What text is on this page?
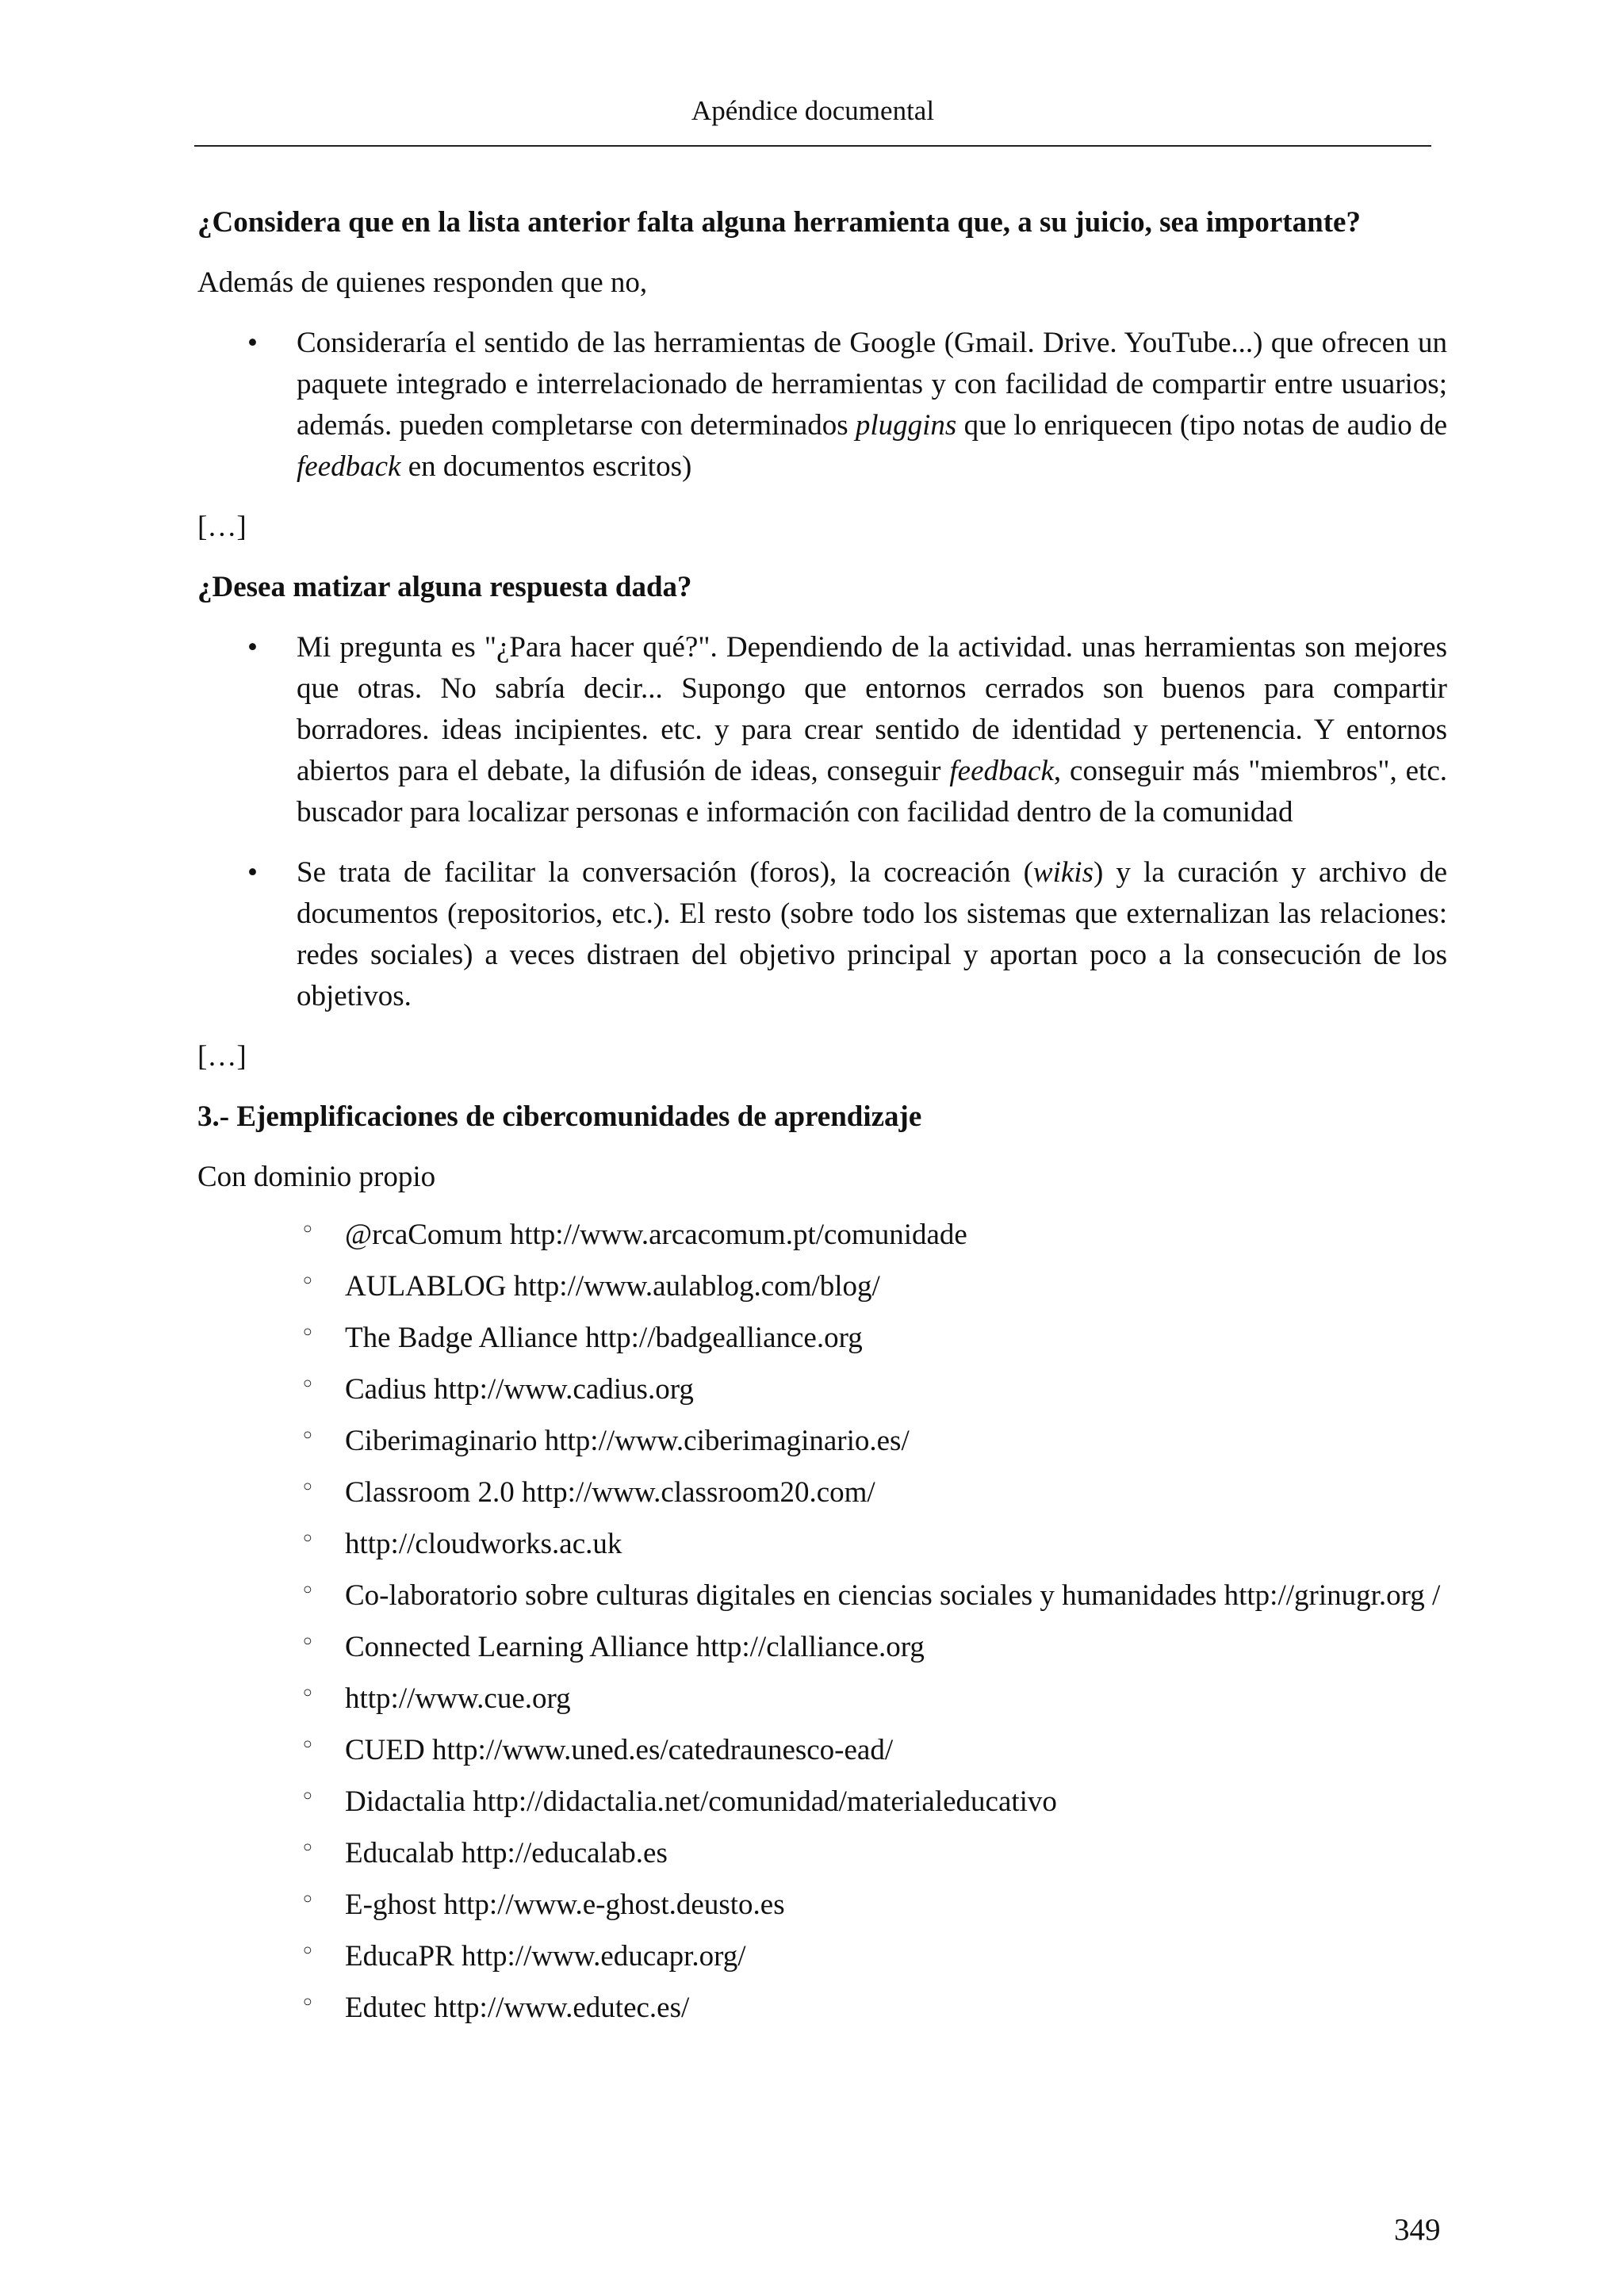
Apéndice documental

¿Considera que en la lista anterior falta alguna herramienta que, a su juicio, sea importante?

Además de quienes responden que no,

• Consideraría el sentido de las herramientas de Google (Gmail. Drive. YouTube...) que ofrecen un paquete integrado e interrelacionado de herramientas y con facilidad de compartir entre usuarios; además. pueden completarse con determinados pluggins que lo enriquecen (tipo notas de audio de feedback en documentos escritos)

[…]

¿Desea matizar alguna respuesta dada?

• Mi pregunta es "¿Para hacer qué?". Dependiendo de la actividad. unas herramientas son mejores que otras. No sabría decir... Supongo que entornos cerrados son buenos para compartir borradores. ideas incipientes. etc. y para crear sentido de identidad y pertenencia. Y entornos abiertos para el debate, la difusión de ideas, conseguir feedback, conseguir más "miembros", etc. buscador para localizar personas e información con facilidad dentro de la comunidad
• Se trata de facilitar la conversación (foros), la cocreación (wikis) y la curación y archivo de documentos (repositorios, etc.). El resto (sobre todo los sistemas que externalizan las relaciones: redes sociales) a veces distraen del objetivo principal y aportan poco a la consecución de los objetivos.

[…]

3.- Ejemplificaciones de cibercomunidades de aprendizaje

Con dominio propio

◦ @rcaComum http://www.arcacomum.pt/comunidade
◦ AULABLOG http://www.aulablog.com/blog/
◦ The Badge Alliance http://badgealliance.org
◦ Cadius http://www.cadius.org
◦ Ciberimaginario http://www.ciberimaginario.es/
◦ Classroom 2.0 http://www.classroom20.com/
◦ http://cloudworks.ac.uk
◦ Co-laboratorio sobre culturas digitales en ciencias sociales y humanidades http://grinugr.org /
◦ Connected Learning Alliance http://clalliance.org
◦ http://www.cue.org
◦ CUED http://www.uned.es/catedraunesco-ead/
◦ Didactalia http://didactalia.net/comunidad/materialeducativo
◦ Educalab http://educalab.es
◦ E-ghost http://www.e-ghost.deusto.es
◦ EducaPR http://www.educapr.org/
◦ Edutec http://www.edutec.es/
349
